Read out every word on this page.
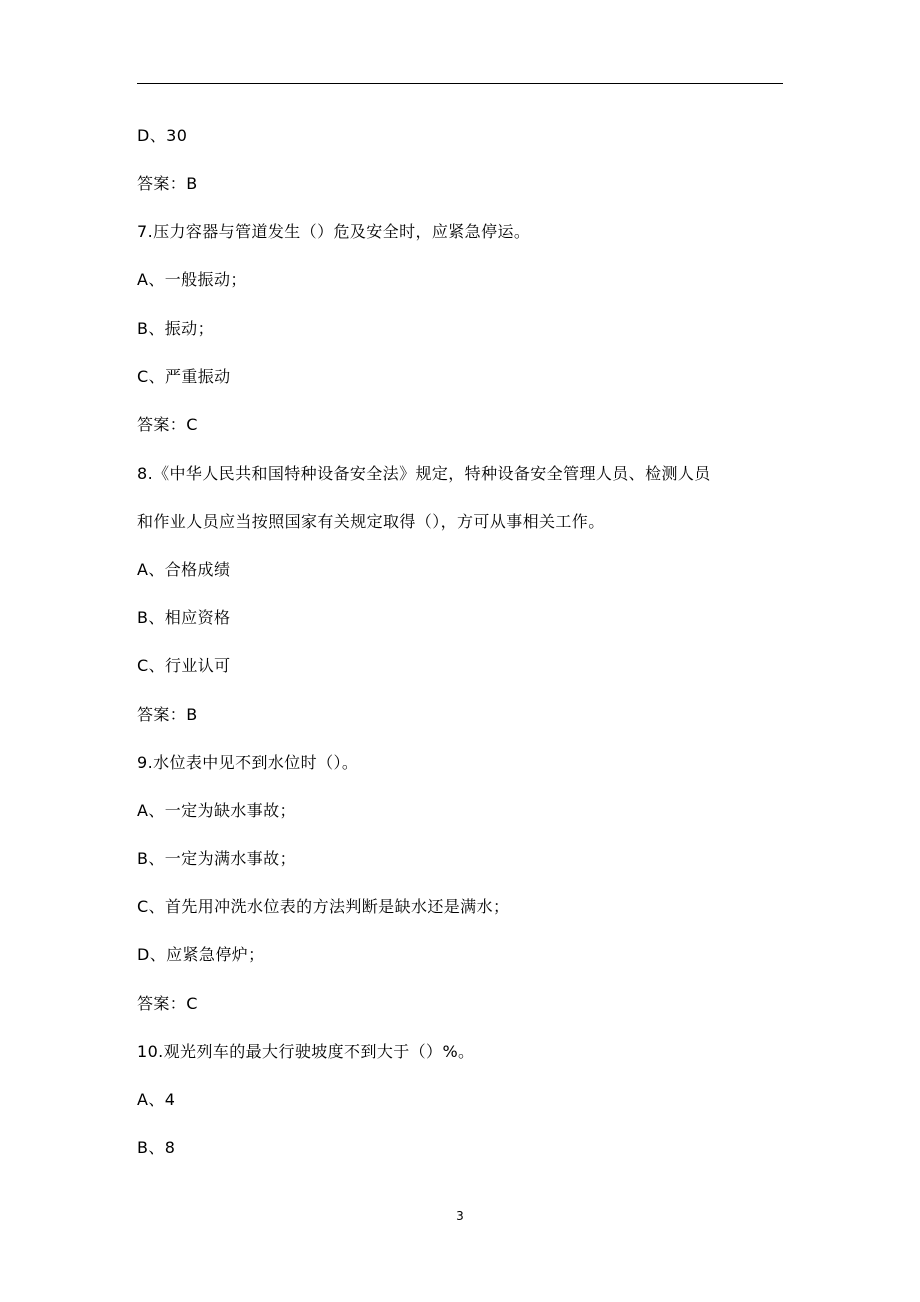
D、30
答案：B
7.压力容器与管道发生（）危及安全时，应紧急停运。
A、一般振动；
B、振动；
C、严重振动
答案：C
8.《中华人民共和国特种设备安全法》规定，特种设备安全管理人员、检测人员
和作业人员应当按照国家有关规定取得（），方可从事相关工作。
A、合格成绩
B、相应资格
C、行业认可
答案：B
9.水位表中见不到水位时（）。
A、一定为缺水事故；
B、一定为满水事故；
C、首先用冲洗水位表的方法判断是缺水还是满水；
D、应紧急停炉；
答案：C
10.观光列车的最大行驶坡度不到大于（）%。
A、4
B、8
3
